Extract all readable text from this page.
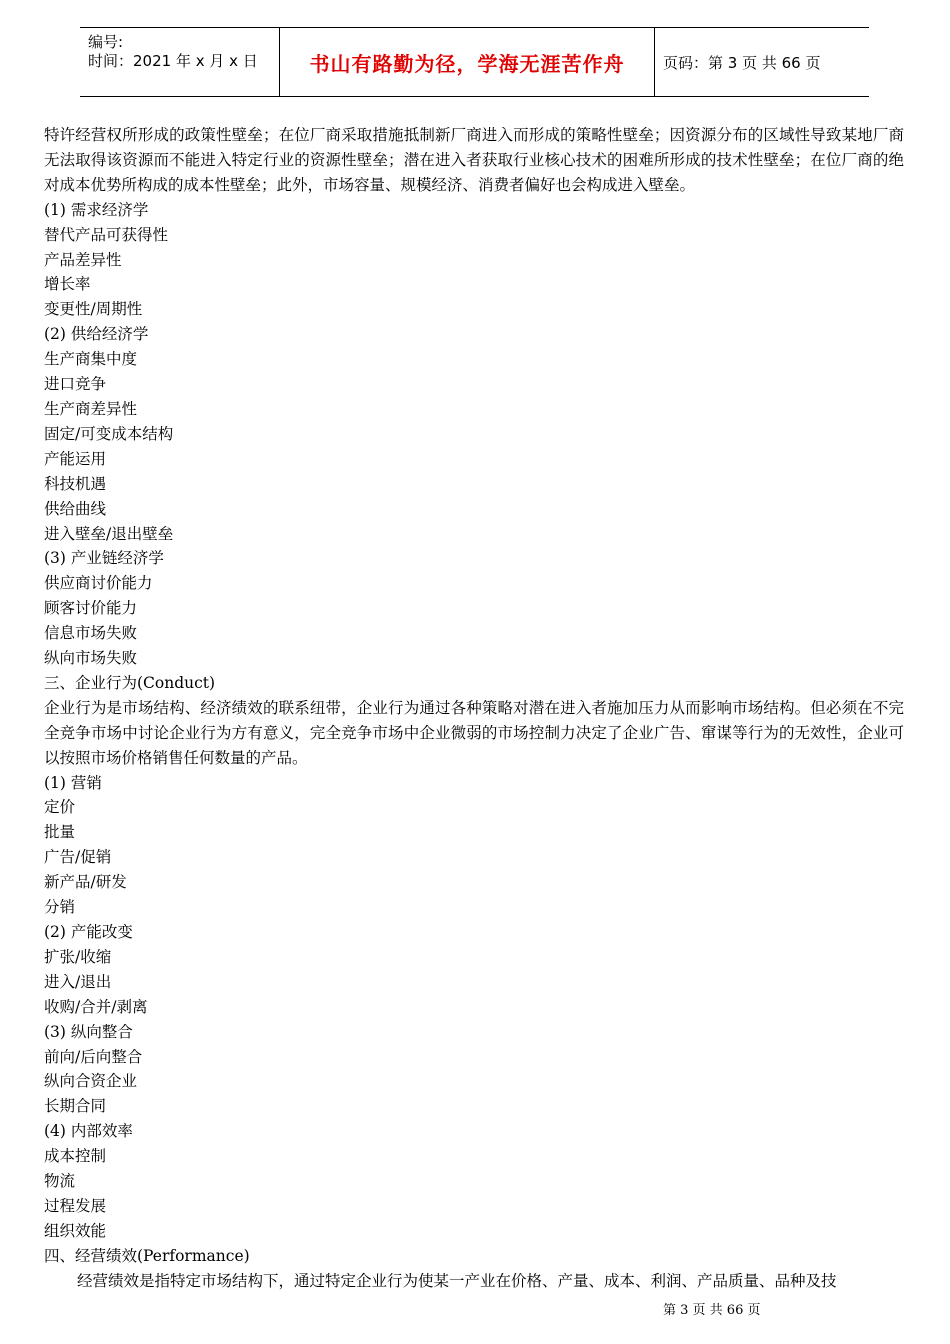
编号:
时间：2021 年 x 月 x 日	书山有路勤为径，学海无涯苦作舟	页码：第 3 页 共 66 页

特许经营权所形成的政策性壁垒；在位厂商采取措施抵制新厂商进入而形成的策略性壁垒；因资源分布的区域性导致某地厂商无法取得该资源而不能进入特定行业的资源性壁垒；潜在进入者获取行业核心技术的困难所形成的技术性壁垒；在位厂商的绝对成本优势所构成的成本性壁垒；此外，市场容量、规模经济、消费者偏好也会构成进入壁垒。

(1) 需求经济学

替代产品可获得性

产品差异性

增长率

变更性/周期性

(2) 供给经济学

生产商集中度

进口竞争

生产商差异性

固定/可变成本结构

产能运用

科技机遇

供给曲线

进入壁垒/退出壁垒

(3) 产业链经济学

供应商讨价能力

顾客讨价能力

信息市场失败

纵向市场失败

三、企业行为(Conduct)

企业行为是市场结构、经济绩效的联系纽带，企业行为通过各种策略对潜在进入者施加压力从而影响市场结构。但必须在不完全竞争市场中讨论企业行为方有意义，完全竞争市场中企业微弱的市场控制力决定了企业广告、窜谋等行为的无效性，企业可以按照市场价格销售任何数量的产品。

(1) 营销

定价

批量

广告/促销

新产品/研发

分销

(2) 产能改变

扩张/收缩

进入/退出

收购/合并/剥离

(3) 纵向整合

前向/后向整合

纵向合资企业

长期合同

(4) 内部效率

成本控制

物流

过程发展

组织效能

四、经营绩效(Performance)

经营绩效是指特定市场结构下，通过特定企业行为使某一产业在价格、产量、成本、利润、产品质量、品种及技

第 3 页 共 66 页
